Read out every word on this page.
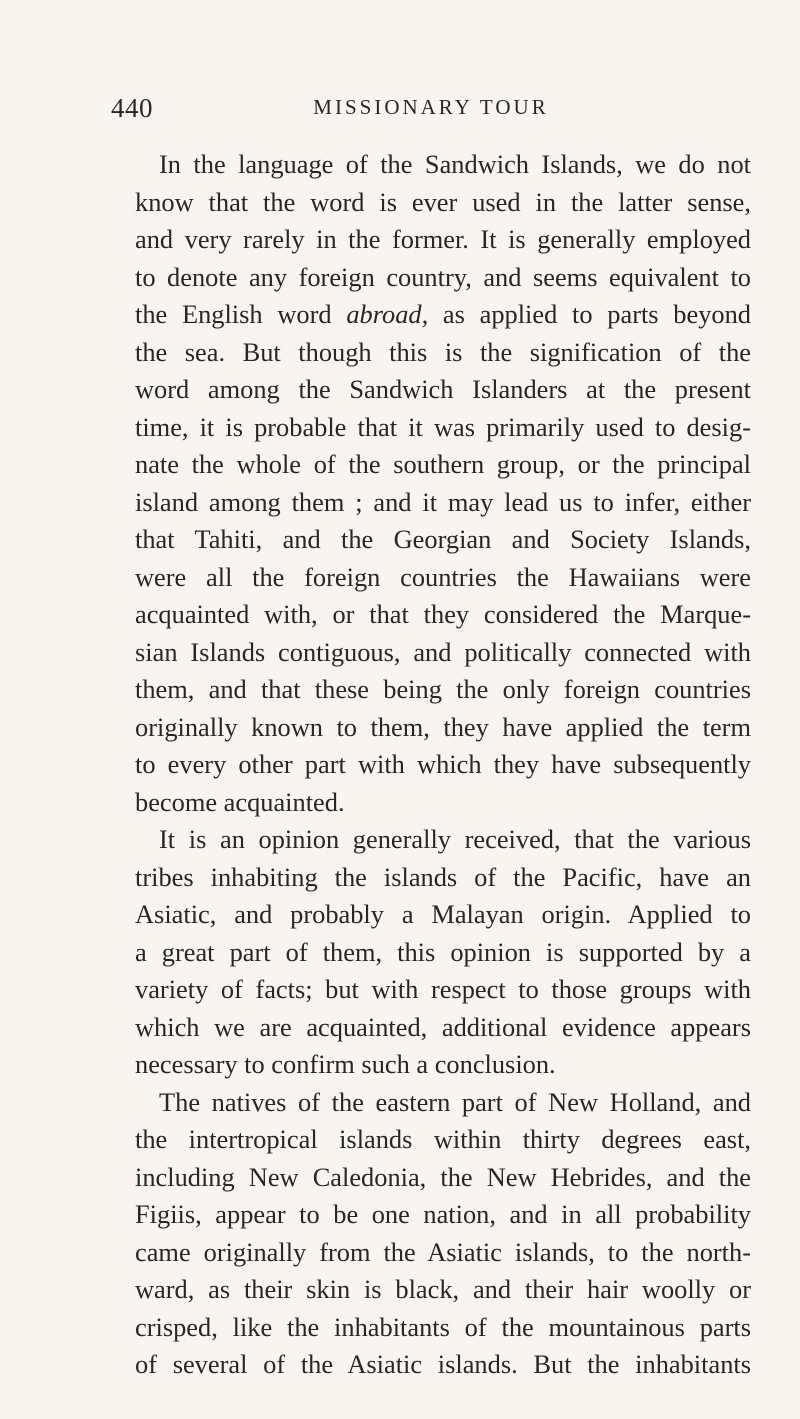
440	MISSIONARY TOUR
In the language of the Sandwich Islands, we do not
know that the word is ever used in the latter sense,
and very rarely in the former. It is generally employed
to denote any foreign country, and seems equivalent to
the English word abroad, as applied to parts beyond
the sea. But though this is the signification of the
word among the Sandwich Islanders at the present
time, it is probable that it was primarily used to desig-
nate the whole of the southern group, or the principal
island among them ; and it may lead us to infer, either
that Tahiti, and the Georgian and Society Islands,
were all the foreign countries the Hawaiians were
acquainted with, or that they considered the Marque-
sian Islands contiguous, and politically connected with
them, and that these being the only foreign countries
originally known to them, they have applied the term
to every other part with which they have subsequently
become acquainted.
It is an opinion generally received, that the various
tribes inhabiting the islands of the Pacific, have an
Asiatic, and probably a Malayan origin. Applied to
a great part of them, this opinion is supported by a
variety of facts; but with respect to those groups with
which we are acquainted, additional evidence appears
necessary to confirm such a conclusion.
The natives of the eastern part of New Holland, and
the intertropical islands within thirty degrees east,
including New Caledonia, the New Hebrides, and the
Figiis, appear to be one nation, and in all probability
came originally from the Asiatic islands, to the north-
ward, as their skin is black, and their hair woolly or
crisped, like the inhabitants of the mountainous parts
of several of the Asiatic islands. But the inhabitants
